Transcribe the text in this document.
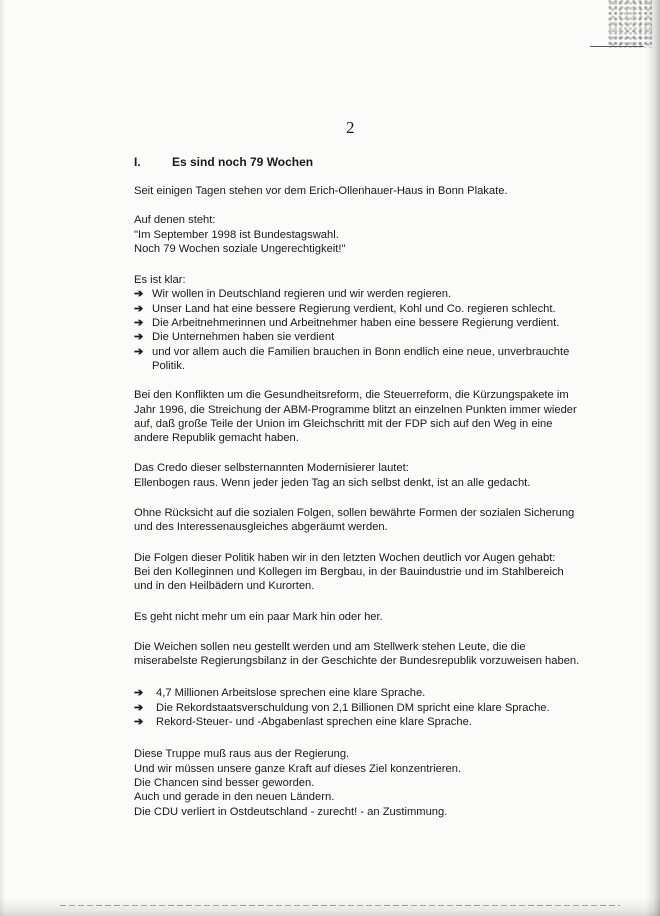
2
I.	Es sind noch 79 Wochen

Seit einigen Tagen stehen vor dem Erich-Ollenhauer-Haus in Bonn Plakate.

Auf denen steht:
"Im September 1998 ist Bundestagswahl.
Noch 79 Wochen soziale Ungerechtigkeit!"

Es ist klar:
➔ Wir wollen in Deutschland regieren und wir werden regieren.
➔ Unser Land hat eine bessere Regierung verdient, Kohl und Co. regieren schlecht.
➔ Die Arbeitnehmerinnen und Arbeitnehmer haben eine bessere Regierung verdient.
➔ Die Unternehmen haben sie verdient
➔ und vor allem auch die Familien brauchen in Bonn endlich eine neue, unverbrauchte Politik.

Bei den Konflikten um die Gesundheitsreform, die Steuerreform, die Kürzungspakete im Jahr 1996, die Streichung der ABM-Programme blitzt an einzelnen Punkten immer wieder auf, daß große Teile der Union im Gleichschritt mit der FDP sich auf den Weg in eine andere Republik gemacht haben.

Das Credo dieser selbsternannten Modernisierer lautet:
Ellenbogen raus. Wenn jeder jeden Tag an sich selbst denkt, ist an alle gedacht.

Ohne Rücksicht auf die sozialen Folgen, sollen bewährte Formen der sozialen Sicherung und des Interessenausgleiches abgeräumt werden.

Die Folgen dieser Politik haben wir in den letzten Wochen deutlich vor Augen gehabt:
Bei den Kolleginnen und Kollegen im Bergbau, in der Bauindustrie und im Stahlbereich und in den Heilbädern und Kurorten.

Es geht nicht mehr um ein paar Mark hin oder her.

Die Weichen sollen neu gestellt werden und am Stellwerk stehen Leute, die die miserabelste Regierungsbilanz in der Geschichte der Bundesrepublik vorzuweisen haben.

➔ 4,7 Millionen Arbeitslose sprechen eine klare Sprache.
➔ Die Rekordstaatsverschuldung von 2,1 Billionen DM spricht eine klare Sprache.
➔ Rekord-Steuer- und -Abgabenlast sprechen eine klare Sprache.

Diese Truppe muß raus aus der Regierung.
Und wir müssen unsere ganze Kraft auf dieses Ziel konzentrieren.
Die Chancen sind besser geworden.
Auch und gerade in den neuen Ländern.
Die CDU verliert in Ostdeutschland - zurecht! - an Zustimmung.
